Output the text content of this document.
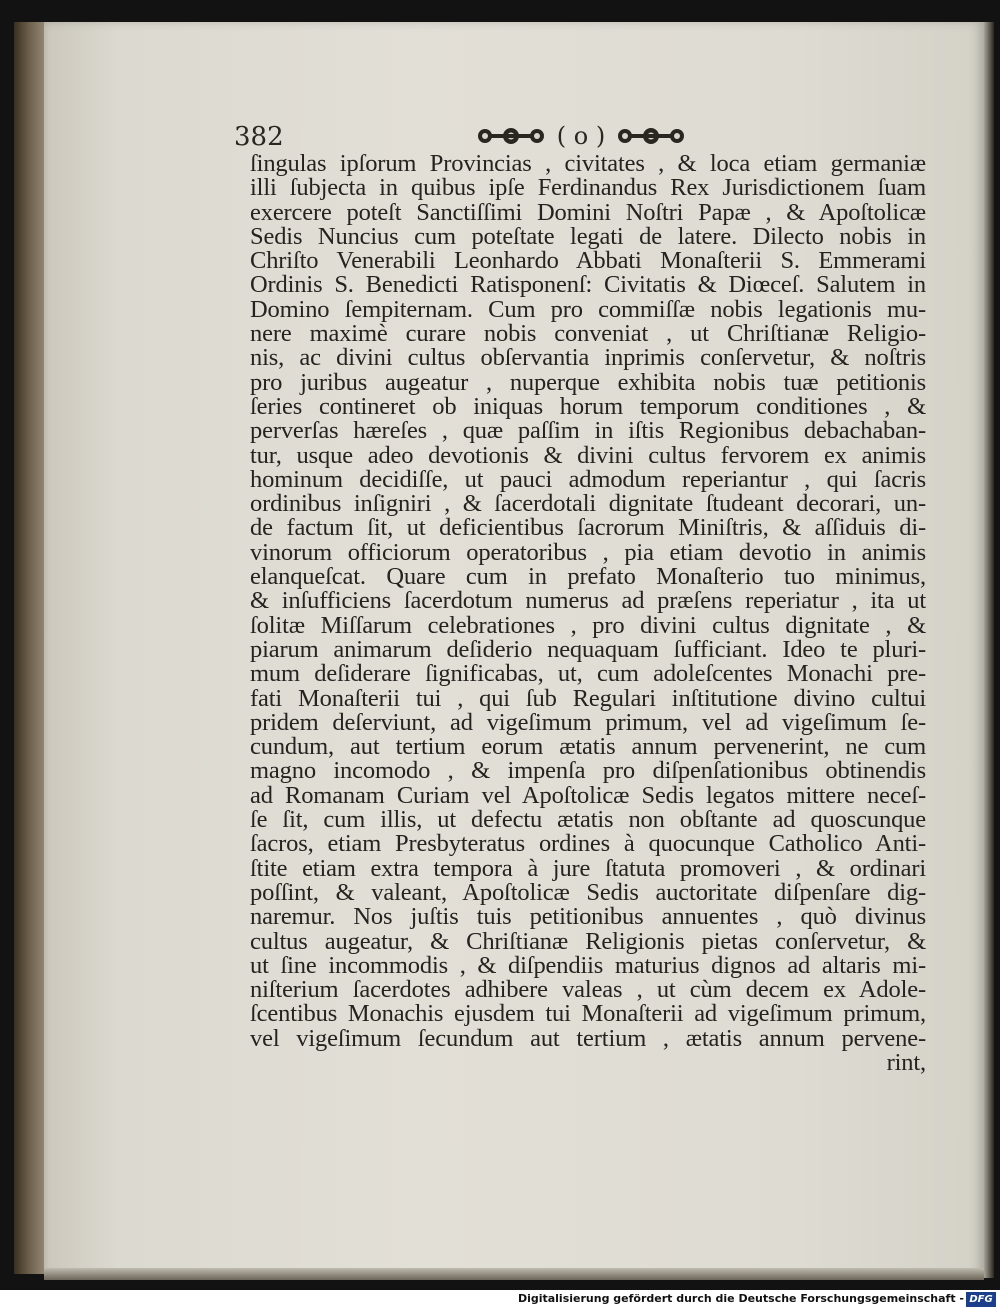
382	( o )
ſingulas ipſorum Provincias , civitates , & loca etiam germaniæ
illi ſubjecta in quibus ipſe Ferdinandus Rex Jurisdictionem ſuam
exercere poteſt Sanctiſſimi Domini Noſtri Papæ , & Apoſtolicæ
Sedis Nuncius cum poteſtate legati de latere. Dilecto nobis in
Chriſto Venerabili Leonhardo Abbati Monaſterii S. Emmerami
Ordinis S. Benedicti Ratisponenſ: Civitatis & Diœceſ. Salutem in
Domino ſempiternam. Cum pro commiſſæ nobis legationis mu-
nere maximè curare nobis conveniat , ut Chriſtianæ Religio-
nis, ac divini cultus obſervantia inprimis conſervetur, & noſtris
pro juribus augeatur , nuperque exhibita nobis tuæ petitionis
ſeries contineret ob iniquas horum temporum conditiones , &
perverſas hæreſes , quæ paſſim in iſtis Regionibus debachaban-
tur, usque adeo devotionis & divini cultus fervorem ex animis
hominum decidiſſe, ut pauci admodum reperiantur , qui ſacris
ordinibus inſigniri , & ſacerdotali dignitate ſtudeant decorari, un-
de factum ſit, ut deficientibus ſacrorum Miniſtris, & aſſiduis di-
vinorum officiorum operatoribus , pia etiam devotio in animis
elanqueſcat. Quare cum in prefato Monaſterio tuo minimus,
& inſufficiens ſacerdotum numerus ad præſens reperiatur , ita ut
ſolitæ Miſſarum celebrationes , pro divini cultus dignitate , &
piarum animarum deſiderio nequaquam ſufficiant. Ideo te pluri-
mum deſiderare ſignificabas, ut, cum adoleſcentes Monachi pre-
fati Monaſterii tui , qui ſub Regulari inſtitutione divino cultui
pridem deſerviunt, ad vigeſimum primum, vel ad vigeſimum ſe-
cundum, aut tertium eorum ætatis annum pervenerint, ne cum
magno incomodo , & impenſa pro diſpenſationibus obtinendis
ad Romanam Curiam vel Apoſtolicæ Sedis legatos mittere neceſ-
ſe ſit, cum illis, ut defectu ætatis non obſtante ad quoscunque
ſacros, etiam Presbyteratus ordines à quocunque Catholico Anti-
ſtite etiam extra tempora à jure ſtatuta promoveri , & ordinari
poſſint, & valeant, Apoſtolicæ Sedis auctoritate diſpenſare dig-
naremur. Nos juſtis tuis petitionibus annuentes , quò divinus
cultus augeatur, & Chriſtianæ Religionis pietas conſervetur, &
ut ſine incommodis , & diſpendiis maturius dignos ad altaris mi-
niſterium ſacerdotes adhibere valeas , ut cùm decem ex Adole-
ſcentibus Monachis ejusdem tui Monaſterii ad vigeſimum primum,
vel vigeſimum ſecundum aut tertium , ætatis annum pervene-
rint,
Digitalisierung gefördert durch die Deutsche Forschungsgemeinschaft - DFG
